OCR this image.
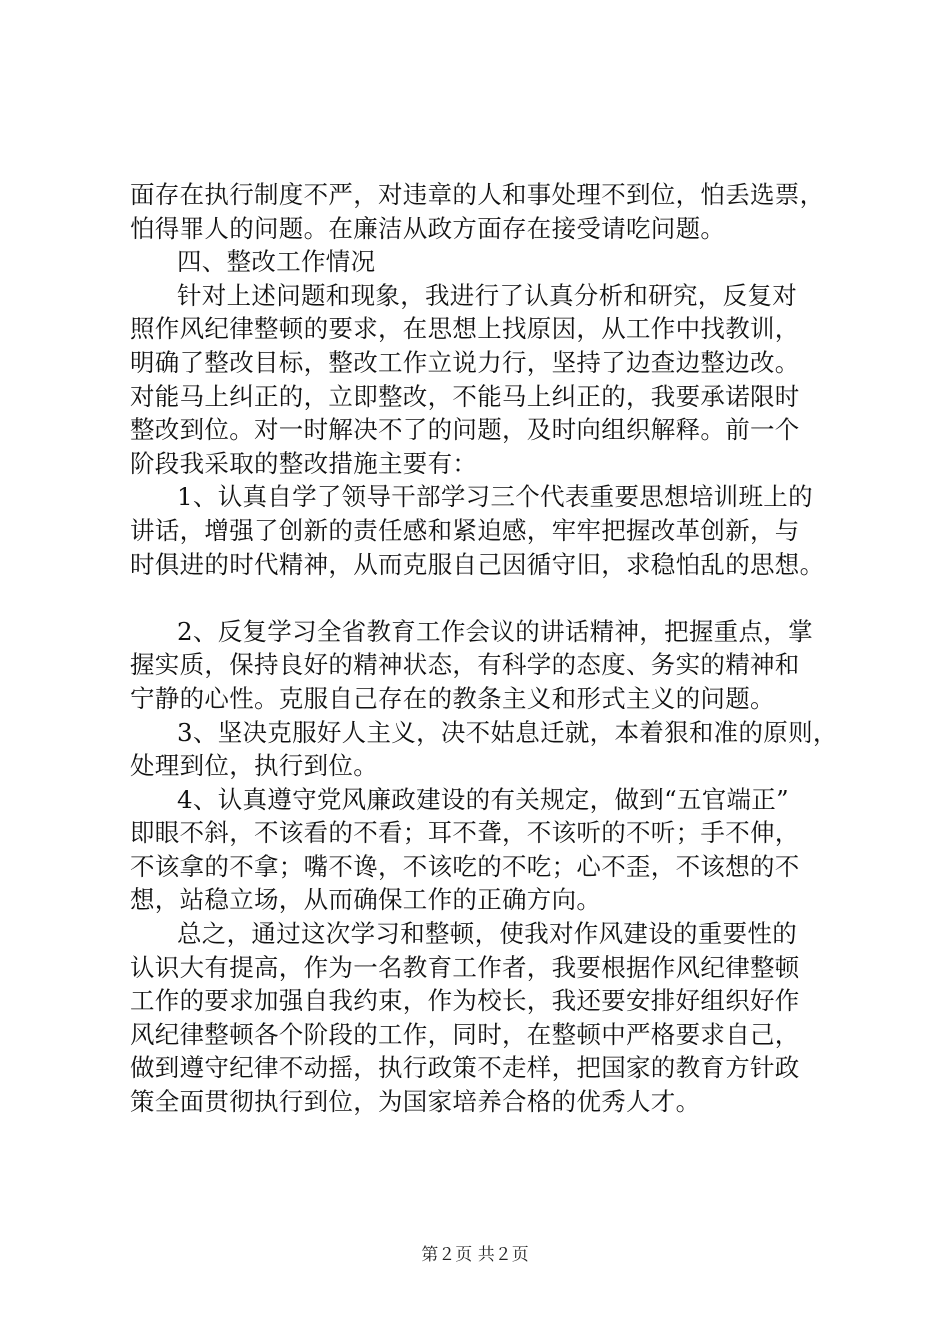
面存在执行制度不严，对违章的人和事处理不到位，怕丢选票，
怕得罪人的问题。在廉洁从政方面存在接受请吃问题。
四、整改工作情况
针对上述问题和现象，我进行了认真分析和研究，反复对
照作风纪律整顿的要求，在思想上找原因，从工作中找教训，
明确了整改目标，整改工作立说力行，坚持了边查边整边改。
对能马上纠正的，立即整改，不能马上纠正的，我要承诺限时
整改到位。对一时解决不了的问题，及时向组织解释。前一个
阶段我采取的整改措施主要有：
1、认真自学了领导干部学习三个代表重要思想培训班上的
讲话，增强了创新的责任感和紧迫感，牢牢把握改革创新，与
时俱进的时代精神，从而克服自己因循守旧，求稳怕乱的思想。
2、反复学习全省教育工作会议的讲话精神，把握重点，掌
握实质，保持良好的精神状态，有科学的态度、务实的精神和
宁静的心性。克服自己存在的教条主义和形式主义的问题。
3、坚决克服好人主义，决不姑息迁就，本着狠和准的原则，
处理到位，执行到位。
4、认真遵守党风廉政建设的有关规定，做到“五官端正”
即眼不斜，不该看的不看；耳不聋，不该听的不听；手不伸，
不该拿的不拿；嘴不谗，不该吃的不吃；心不歪，不该想的不
想，站稳立场，从而确保工作的正确方向。
总之，通过这次学习和整顿，使我对作风建设的重要性的
认识大有提高，作为一名教育工作者，我要根据作风纪律整顿
工作的要求加强自我约束，作为校长，我还要安排好组织好作
风纪律整顿各个阶段的工作，同时，在整顿中严格要求自己，
做到遵守纪律不动摇，执行政策不走样，把国家的教育方针政
策全面贯彻执行到位，为国家培养合格的优秀人才。
第２页 共２页
